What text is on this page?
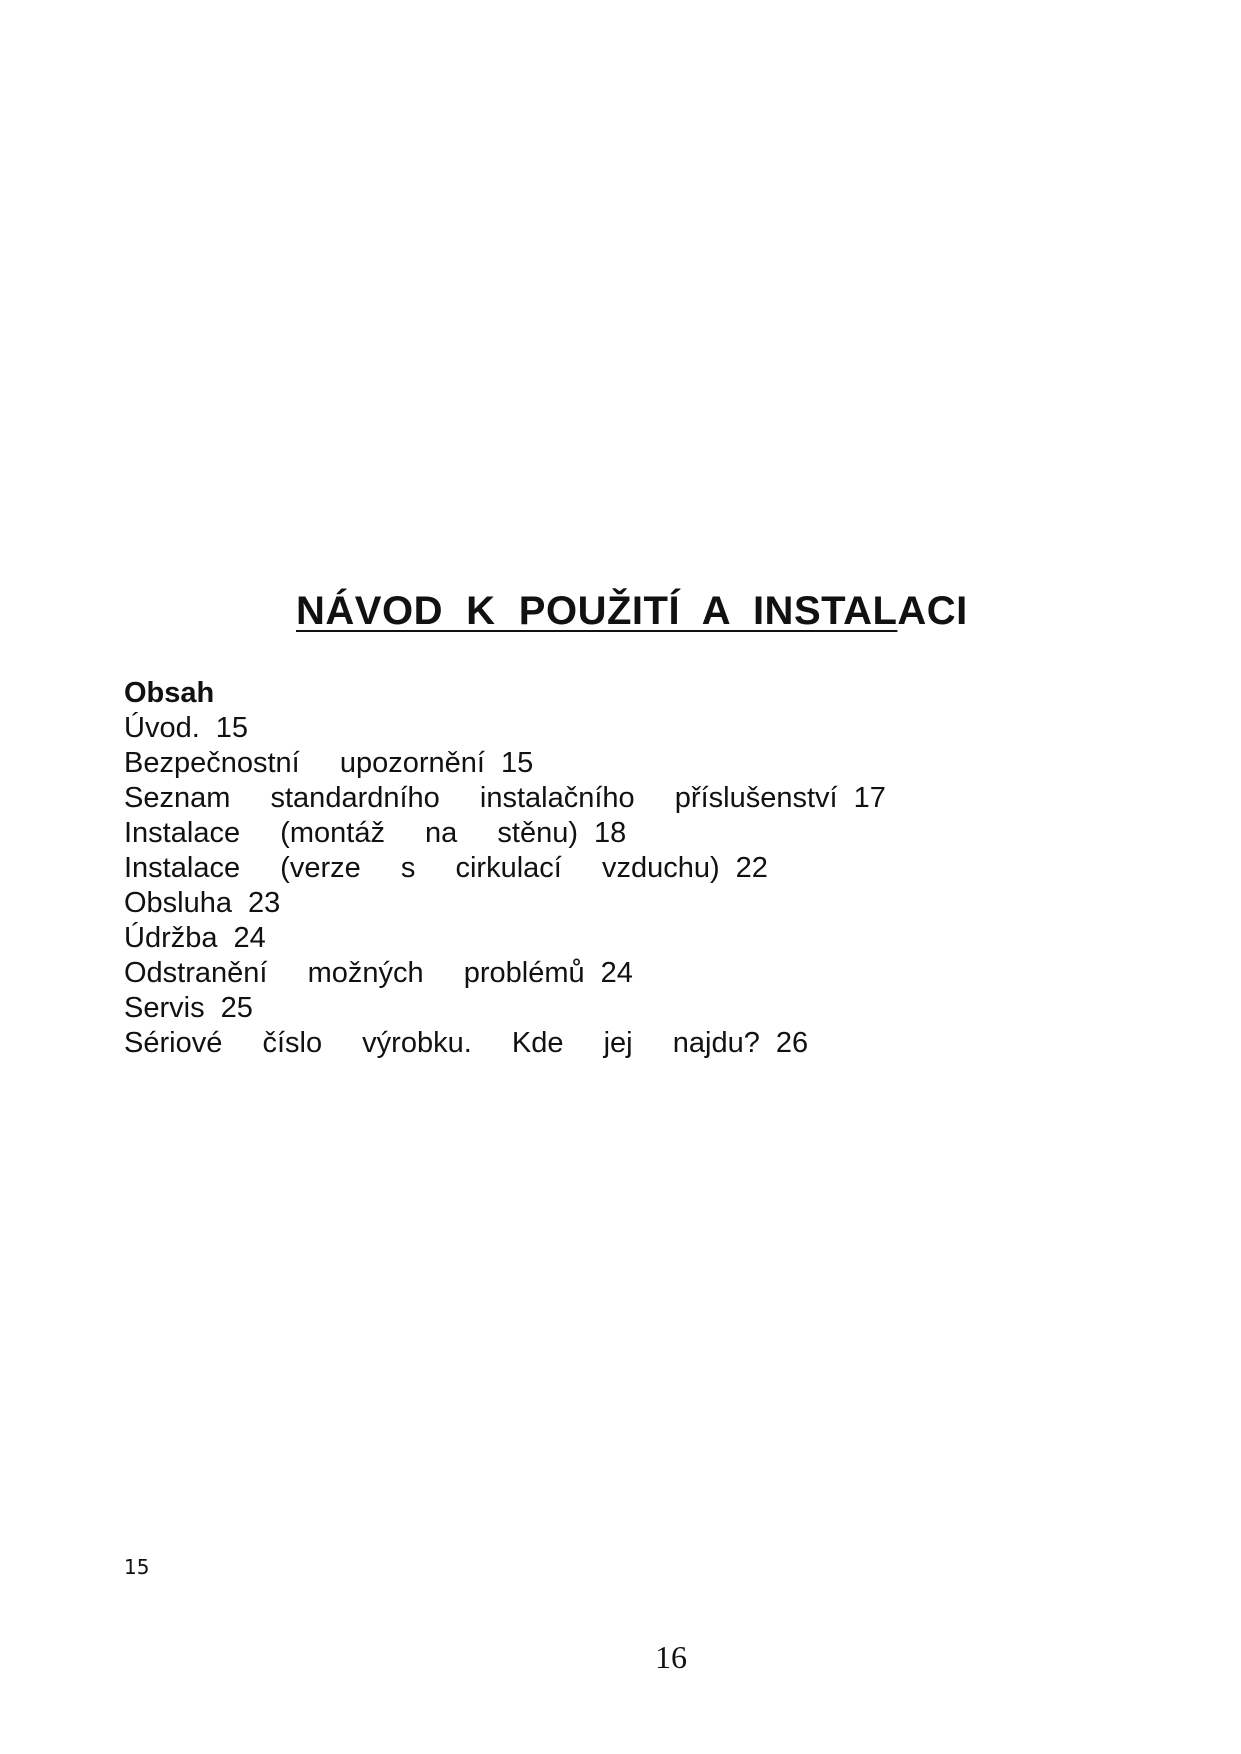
NÁVOD  K  POUŽITÍ  A  INSTALACI

Obsah

Úvod. 15
Bezpečnostní  upozornění 15
Seznam  standardního  instalačního  příslušenství 17
Instalace  (montáž  na  stěnu) 18
Instalace  (verze  s  cirkulací  vzduchu) 22
Obsluha 23
Údržba 24
Odstranění  možných  problémů 24
Servis 25
Sériové  číslo  výrobku.  Kde  jej  najdu? 26
15
16
